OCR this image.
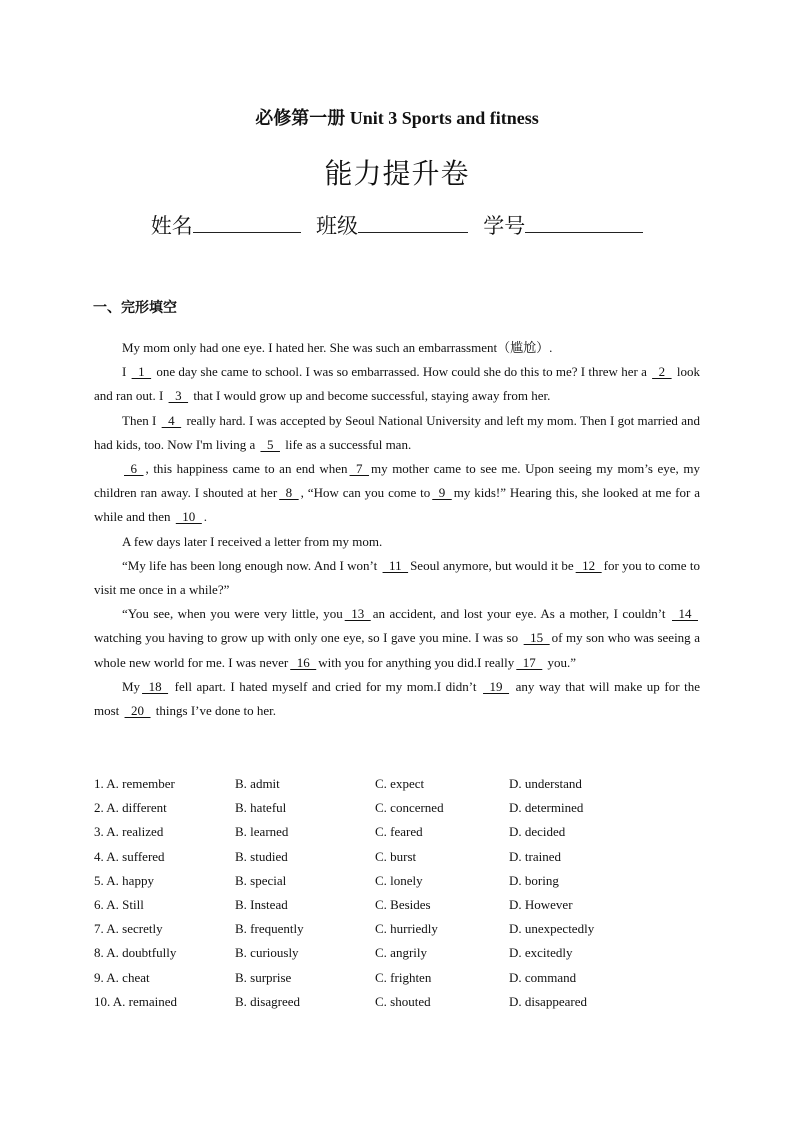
必修第一册 Unit 3 Sports and fitness
能力提升卷
姓名	班级	学号
一、完形填空

My mom only had one eye. I hated her. She was such an embarrassment（尴尬）.

I   1   one day she came to school. I was so embarrassed. How could she do this to me? I threw her a   2   look and ran out. I   3   that I would grow up and become successful, staying away from her.

Then I   4   really hard. I was accepted by Seoul National University and left my mom. Then I got married and had kids, too. Now I'm living a   5   life as a successful man.

6  , this happiness came to an end when  7  my mother came to see me. Upon seeing my mom’s eye, my children ran away. I shouted at her  8  , “How can you come to  9  my kids!” Hearing this, she looked at me for a while and then   10  .

A few days later I received a letter from my mom.

“My life has been long enough now. And I won’t   11  Seoul anymore, but would it be  12  for you to come to visit me once in a while?”

“You see, when you were very little, you  13  an accident, and lost your eye. As a mother, I couldn’t   14  watching you having to grow up with only one eye, so I gave you mine. I was so   15  of my son who was seeing a whole new world for me. I was never  16  with you for anything you did.I really  17   you.”

My  18   fell apart. I hated myself and cried for my mom.I didn’t   19   any way that will make up for the most   20   things I’ve done to her.

1. A. remember	B. admit	C. expect	D. understand
2. A. different	B. hateful	C. concerned	D. determined
3. A. realized	B. learned	C. feared	D. decided
4. A. suffered	B. studied	C. burst	D. trained
5. A. happy	B. special	C. lonely	D. boring
6. A. Still	B. Instead	C. Besides	D. However
7. A. secretly	B. frequently	C. hurriedly	D. unexpectedly
8. A. doubtfully	B. curiously	C. angrily	D. excitedly
9. A. cheat	B. surprise	C. frighten	D. command
10. A. remained	B. disagreed	C. shouted	D. disappeared
